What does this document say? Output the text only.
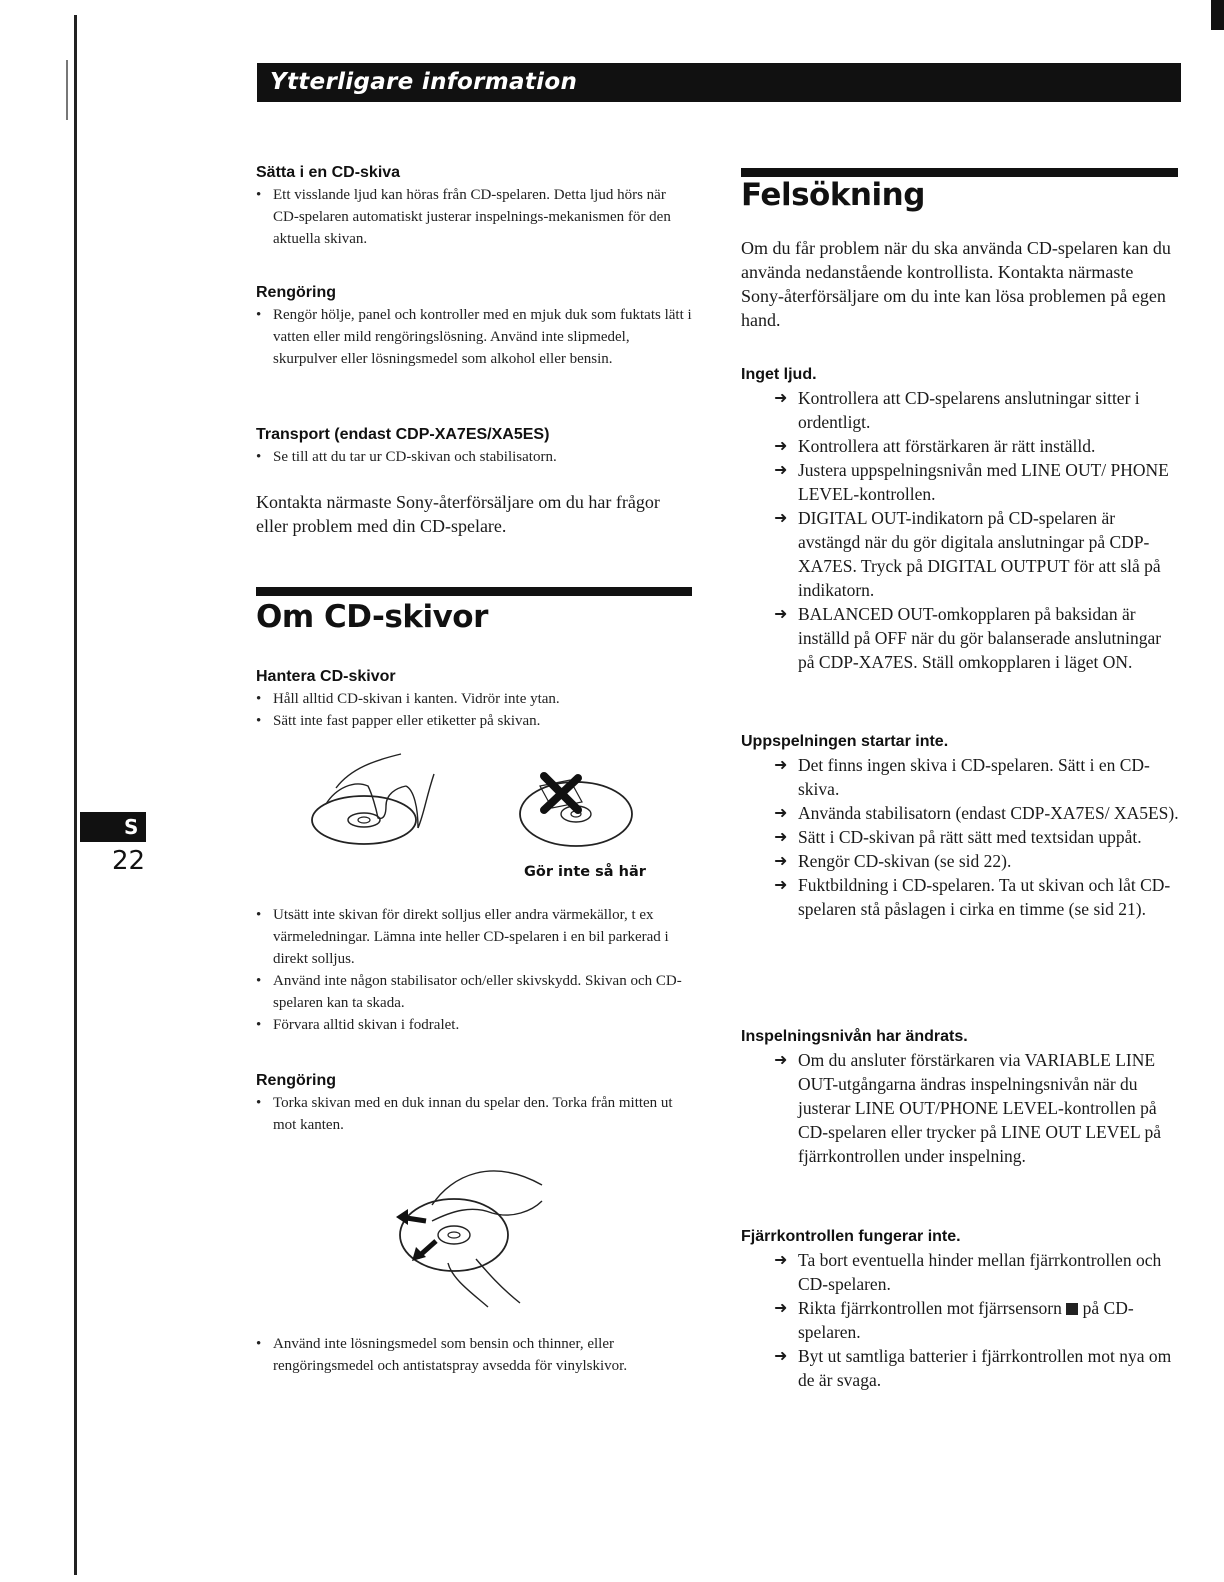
Ytterligare information
S
22
Sätta i en CD-skiva
• Ett visslande ljud kan höras från CD-spelaren. Detta ljud hörs när CD-spelaren automatiskt justerar inspelnings-mekanismen för den aktuella skivan.
Rengöring
• Rengör hölje, panel och kontroller med en mjuk duk som fuktats lätt i vatten eller mild rengöringslösning. Använd inte slipmedel, skurpulver eller lösningsmedel som alkohol eller bensin.
Transport (endast CDP-XA7ES/XA5ES)
• Se till att du tar ur CD-skivan och stabilisatorn.
Kontakta närmaste Sony-återförsäljare om du har frågor eller problem med din CD-spelare.
Om CD-skivor
Hantera CD-skivor
• Håll alltid CD-skivan i kanten. Vidrör inte ytan.
• Sätt inte fast papper eller etiketter på skivan.
Gör inte så här
• Utsätt inte skivan för direkt solljus eller andra värmekällor, t ex värmeledningar. Lämna inte heller CD-spelaren i en bil parkerad i direkt solljus.
• Använd inte någon stabilisator och/eller skivskydd. Skivan och CD-spelaren kan ta skada.
• Förvara alltid skivan i fodralet.
Rengöring
• Torka skivan med en duk innan du spelar den. Torka från mitten ut mot kanten.
• Använd inte lösningsmedel som bensin och thinner, eller rengöringsmedel och antistatspray avsedda för vinylskivor.
Felsökning
Om du får problem när du ska använda CD-spelaren kan du använda nedanstående kontrollista. Kontakta närmaste Sony-återförsäljare om du inte kan lösa problemen på egen hand.
Inget ljud.
➜ Kontrollera att CD-spelarens anslutningar sitter i ordentligt.
➜ Kontrollera att förstärkaren är rätt inställd.
➜ Justera uppspelningsnivån med LINE OUT/ PHONE LEVEL-kontrollen.
➜ DIGITAL OUT-indikatorn på CD-spelaren är avstängd när du gör digitala anslutningar på CDP-XA7ES. Tryck på DIGITAL OUTPUT för att slå på indikatorn.
➜ BALANCED OUT-omkopplaren på baksidan är inställd på OFF när du gör balanserade anslutningar på CDP-XA7ES. Ställ omkopplaren i läget ON.
Uppspelningen startar inte.
➜ Det finns ingen skiva i CD-spelaren. Sätt i en CD-skiva.
➜ Använda stabilisatorn (endast CDP-XA7ES/ XA5ES).
➜ Sätt i CD-skivan på rätt sätt med textsidan uppåt.
➜ Rengör CD-skivan (se sid 22).
➜ Fuktbildning i CD-spelaren. Ta ut skivan och låt CD-spelaren stå påslagen i cirka en timme (se sid 21).
Inspelningsnivån har ändrats.
➜ Om du ansluter förstärkaren via VARIABLE LINE OUT-utgångarna ändras inspelningsnivån när du justerar LINE OUT/PHONE LEVEL-kontrollen på CD-spelaren eller trycker på LINE OUT LEVEL på fjärrkontrollen under inspelning.
Fjärrkontrollen fungerar inte.
➜ Ta bort eventuella hinder mellan fjärrkontrollen och CD-spelaren.
➜ Rikta fjärrkontrollen mot fjärrsensorn på CD-spelaren.
➜ Byt ut samtliga batterier i fjärrkontrollen mot nya om de är svaga.
